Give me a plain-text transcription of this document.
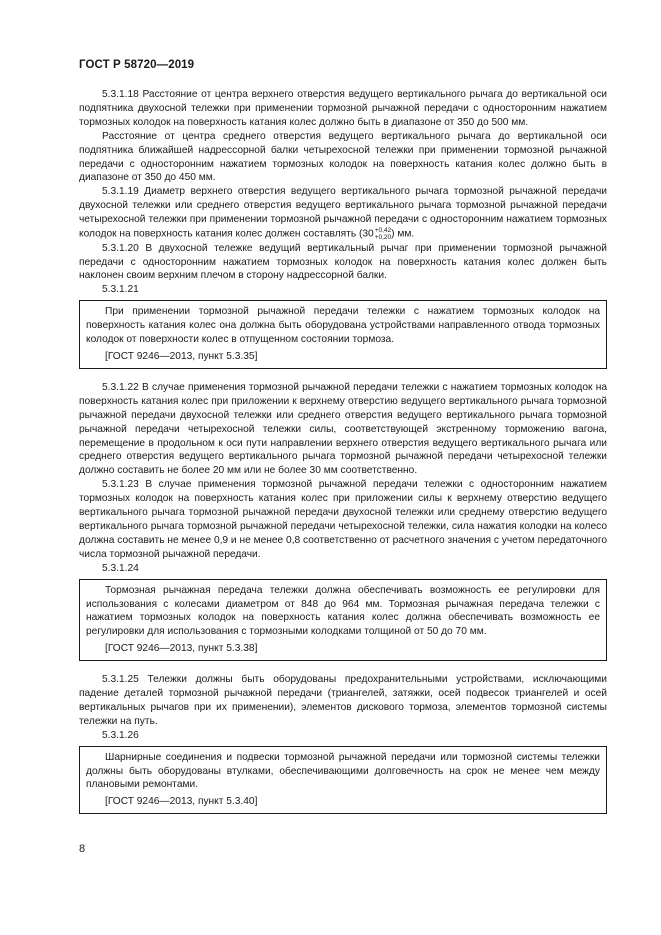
ГОСТ Р 58720—2019

5.3.1.18 Расстояние от центра верхнего отверстия ведущего вертикального рычага до вертикальной оси подпятника двухосной тележки при применении тормозной рычажной передачи с односторонним нажатием тормозных колодок на поверхность катания колес должно быть в диапазоне от 350 до 500 мм.

Расстояние от центра среднего отверстия ведущего вертикального рычага до вертикальной оси подпятника ближайшей надрессорной балки четырехосной тележки при применении тормозной рычажной передачи с односторонним нажатием тормозных колодок на поверхность катания колес должно быть в диапазоне от 350 до 450 мм.

5.3.1.19 Диаметр верхнего отверстия ведущего вертикального рычага тормозной рычажной передачи двухосной тележки или среднего отверстия ведущего вертикального рычага тормозной рычажной передачи четырехосной тележки при применении тормозной рычажной передачи с односторонним нажатием тормозных колодок на поверхность катания колес должен составлять (30 +0,42
+0,20 ) мм.

5.3.1.20 В двухосной тележке ведущий вертикальный рычаг при применении тормозной рычажной передачи с односторонним нажатием тормозных колодок на поверхность катания колес должен быть наклонен своим верхним плечом в сторону надрессорной балки.

5.3.1.21

При применении тормозной рычажной передачи тележки с нажатием тормозных колодок на поверхность катания колес она должна быть оборудована устройствами направленного отвода тормозных колодок от поверхности колес в отпущенном состоянии тормоза.

[ГОСТ 9246—2013, пункт 5.3.35]

5.3.1.22 В случае применения тормозной рычажной передачи тележки с нажатием тормозных колодок на поверхность катания колес при приложении к верхнему отверстию ведущего вертикального рычага тормозной рычажной передачи двухосной тележки или среднего отверстия ведущего вертикального рычага тормозной рычажной передачи четырехосной тележки силы, соответствующей экстренному торможению вагона, перемещение в продольном к оси пути направлении верхнего отверстия ведущего вертикального рычага или среднего отверстия ведущего вертикального рычага тормозной рычажной передачи четырехосной тележки должно составить не более 20 мм или не более 30 мм соответственно.

5.3.1.23 В случае применения тормозной рычажной передачи тележки с односторонним нажатием тормозных колодок на поверхность катания колес при приложении силы к верхнему отверстию ведущего вертикального рычага тормозной рычажной передачи двухосной тележки или среднему отверстию ведущего вертикального рычага тормозной рычажной передачи четырехосной тележки, сила нажатия колодки на колесо должна составить не менее 0,9 и не менее 0,8 соответственно от расчетного значения с учетом передаточного числа тормозной рычажной передачи.

5.3.1.24

Тормозная рычажная передача тележки должна обеспечивать возможность ее регулировки для использования с колесами диаметром от 848 до 964 мм. Тормозная рычажная передача тележки с нажатием тормозных колодок на поверхность катания колес должна обеспечивать возможность ее регулировки для использования с тормозными колодками толщиной от 50 до 70 мм.

[ГОСТ 9246—2013, пункт 5.3.38]

5.3.1.25 Тележки должны быть оборудованы предохранительными устройствами, исключающими падение деталей тормозной рычажной передачи (триангелей, затяжки, осей подвесок триангелей и осей вертикальных рычагов при их применении), элементов дискового тормоза, элементов тормозной системы тележки на путь.

5.3.1.26

Шарнирные соединения и подвески тормозной рычажной передачи или тормозной системы тележки должны быть оборудованы втулками, обеспечивающими долговечность на срок не менее чем между плановыми ремонтами.

[ГОСТ 9246—2013, пункт 5.3.40]

8
